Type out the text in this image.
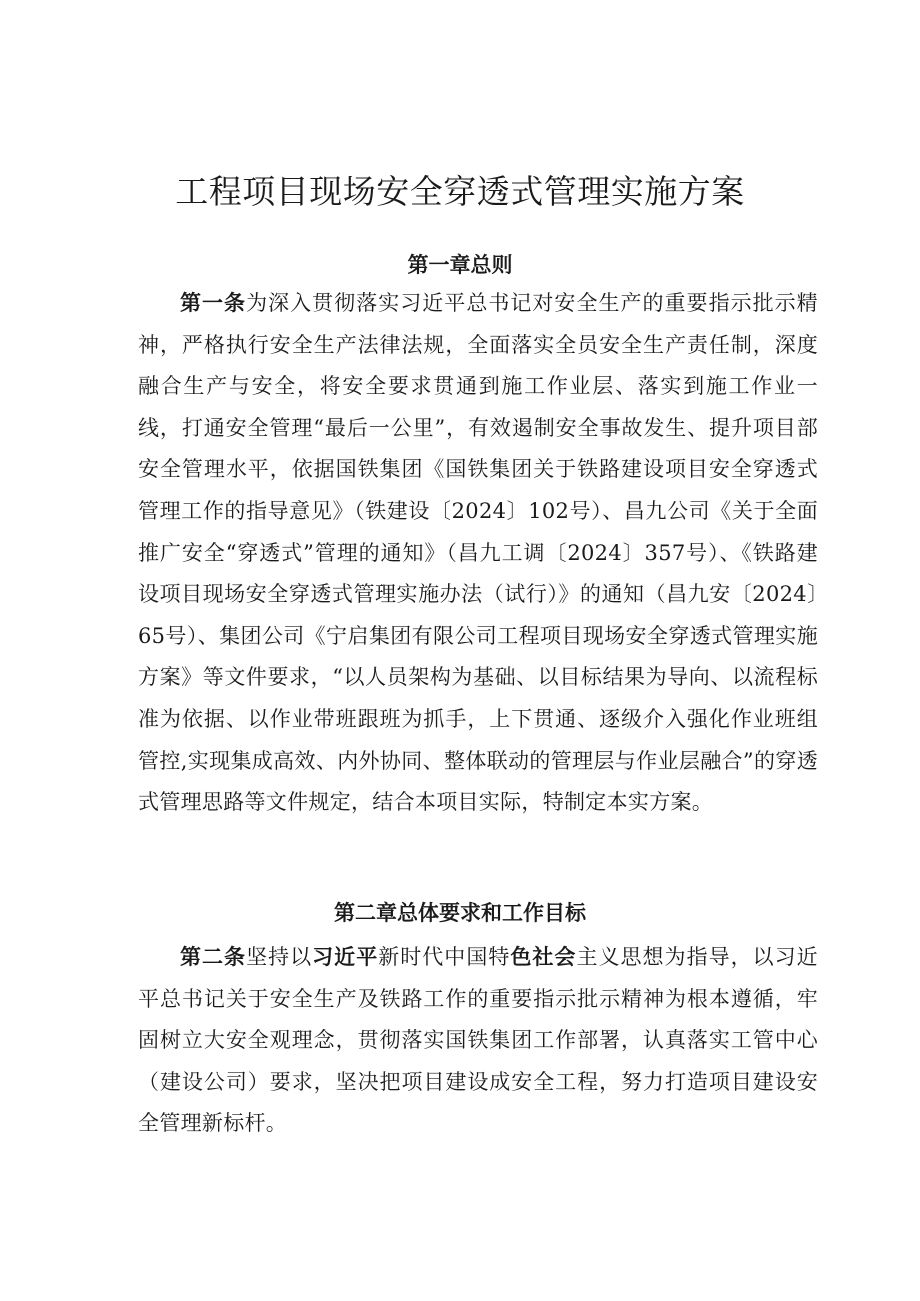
工程项目现场安全穿透式管理实施方案
第一章总则

第一条为深入贯彻落实习近平总书记对安全生产的重要指示批示精神，严格执行安全生产法律法规，全面落实全员安全生产责任制，深度融合生产与安全，将安全要求贯通到施工作业层、落实到施工作业一线，打通安全管理“最后一公里”，有效遏制安全事故发生、提升项目部安全管理水平，依据国铁集团《国铁集团关于铁路建设项目安全穿透式管理工作的指导意见》（铁建设〔2024〕102号）、昌九公司《关于全面推广安全“穿透式”管理的通知》（昌九工调〔2024〕357号）、《铁路建设项目现场安全穿透式管理实施办法（试行）》的通知（昌九安〔2024〕65号）、集团公司《宁启集团有限公司工程项目现场安全穿透式管理实施方案》等文件要求，“以人员架构为基础、以目标结果为导向、以流程标准为依据、以作业带班跟班为抓手，上下贯通、逐级介入强化作业班组管控,实现集成高效、内外协同、整体联动的管理层与作业层融合”的穿透式管理思路等文件规定，结合本项目实际，特制定本实方案。

第二章总体要求和工作目标

第二条坚持以习近平新时代中国特色社会主义思想为指导，以习近平总书记关于安全生产及铁路工作的重要指示批示精神为根本遵循，牢固树立大安全观理念，贯彻落实国铁集团工作部署，认真落实工管中心（建设公司）要求，坚决把项目建设成安全工程，努力打造项目建设安全管理新标杆。
